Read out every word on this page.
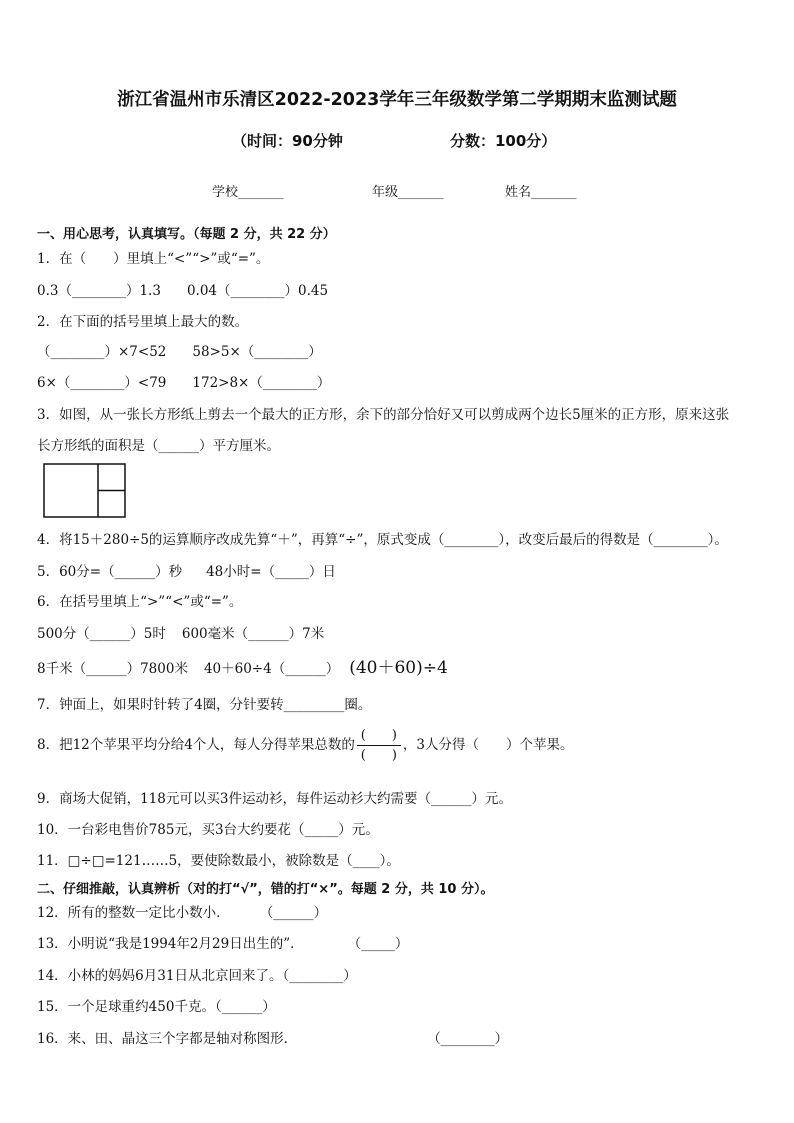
浙江省温州市乐清区2022-2023学年三年级数学第二学期期末监测试题
（时间：90分钟	分数：100分）
学校_______	年级_______	姓名_______
一、用心思考，认真填写。（每题 2 分，共 22 分）
1．在（　　）里填上“<”“>”或“=”。
0.3（________）1.3 0.04（________）0.45
2．在下面的括号里填上最大的数。
（________）×7<52 58>5×（________）
6×（________）<79 172>8×（________）
3．如图，从一张长方形纸上剪去一个最大的正方形，余下的部分恰好又可以剪成两个边长5厘米的正方形，原来这张
长方形纸的面积是（______）平方厘米。
4．将15＋280÷5的运算顺序改成先算“＋”，再算“÷”，原式变成（________），改变后最后的得数是（________）。
5．60分=（______）秒 48小时=（_____）日
6．在括号里填上“>”“<”或“=”。
500分（______）5时 600毫米（______）7米
8千米（______）7800米 40＋60÷4（______） (40＋60)÷4
7．钟面上，如果时针转了4圈，分针要转_________圈。
8．把12个苹果平均分给4个人，每人分得苹果总数的 $\frac{( )}{( )}$ ，3人分得（　　）个苹果。
9．商场大促销，118元可以买3件运动衫，每件运动衫大约需要（______）元。
10．一台彩电售价785元，买3台大约要花（_____）元。
11．□÷□=121……5，要使除数最小，被除数是（____）。
二、仔细推敲，认真辨析（对的打“√”，错的打“×”。每题 2 分，共 10 分）。
12．所有的整数一定比小数小． （______）
13．小明说“我是1994年2月29日出生的”．	（_____）
14．小林的妈妈6月31日从北京回来了。（________）
15．一个足球重约450千克。（______）
16．来、田、晶这三个字都是轴对称图形．	（________）
